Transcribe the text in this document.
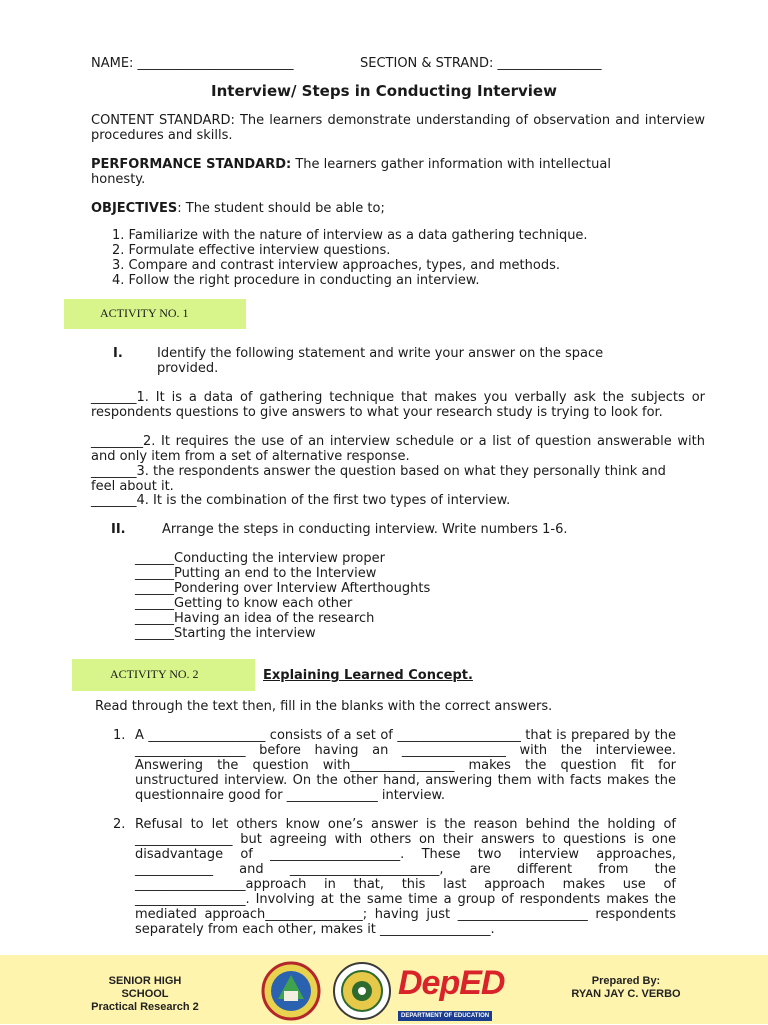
NAME: ________________________	SECTION & STRAND: ________________
Interview/ Steps in Conducting Interview
CONTENT STANDARD: The learners demonstrate understanding of observation and interview procedures and skills.
PERFORMANCE STANDARD: The learners gather information with intellectual honesty.
OBJECTIVES: The student should be able to;
1. Familiarize with the nature of interview as a data gathering technique.
2. Formulate effective interview questions.
3. Compare and contrast interview approaches, types, and methods.
4. Follow the right procedure in conducting an interview.
ACTIVITY NO. 1
I.	Identify the following statement and write your answer on the space provided.
_______1. It is a data of gathering technique that makes you verbally ask the subjects or respondents questions to give answers to what your research study is trying to look for.
________2. It requires the use of an interview schedule or a list of question answerable with and only item from a set of alternative response.
_______3. the respondents answer the question based on what they personally think and feel about it.
_______4. It is the combination of the first two types of interview.
II.	Arrange the steps in conducting interview. Write numbers 1-6.
______Conducting the interview proper
______Putting an end to the Interview
______Pondering over Interview Afterthoughts
______Getting to know each other
______Having an idea of the research
______Starting the interview
ACTIVITY NO. 2	Explaining Learned Concept.
Read through the text then, fill in the blanks with the correct answers.
1. A __________________ consists of a set of ___________________ that is prepared by the _________________ before having an ________________ with the interviewee. Answering the question with________________ makes the question fit for unstructured interview. On the other hand, answering them with facts makes the questionnaire good for ______________ interview.
2. Refusal to let others know one’s answer is the reason behind the holding of _______________ but agreeing with others on their answers to questions is one disadvantage of ____________________. These two interview approaches, ____________ and _______________________, are different from the _________________approach in that, this last approach makes use of _________________. Involving at the same time a group of respondents makes the mediated approach_______________; having just ____________________ respondents separately from each other, makes it _________________.
SENIOR HIGH SCHOOL
Practical Research 2
DepED
DEPARTMENT OF EDUCATION
Prepared By:
RYAN JAY C. VERBO
